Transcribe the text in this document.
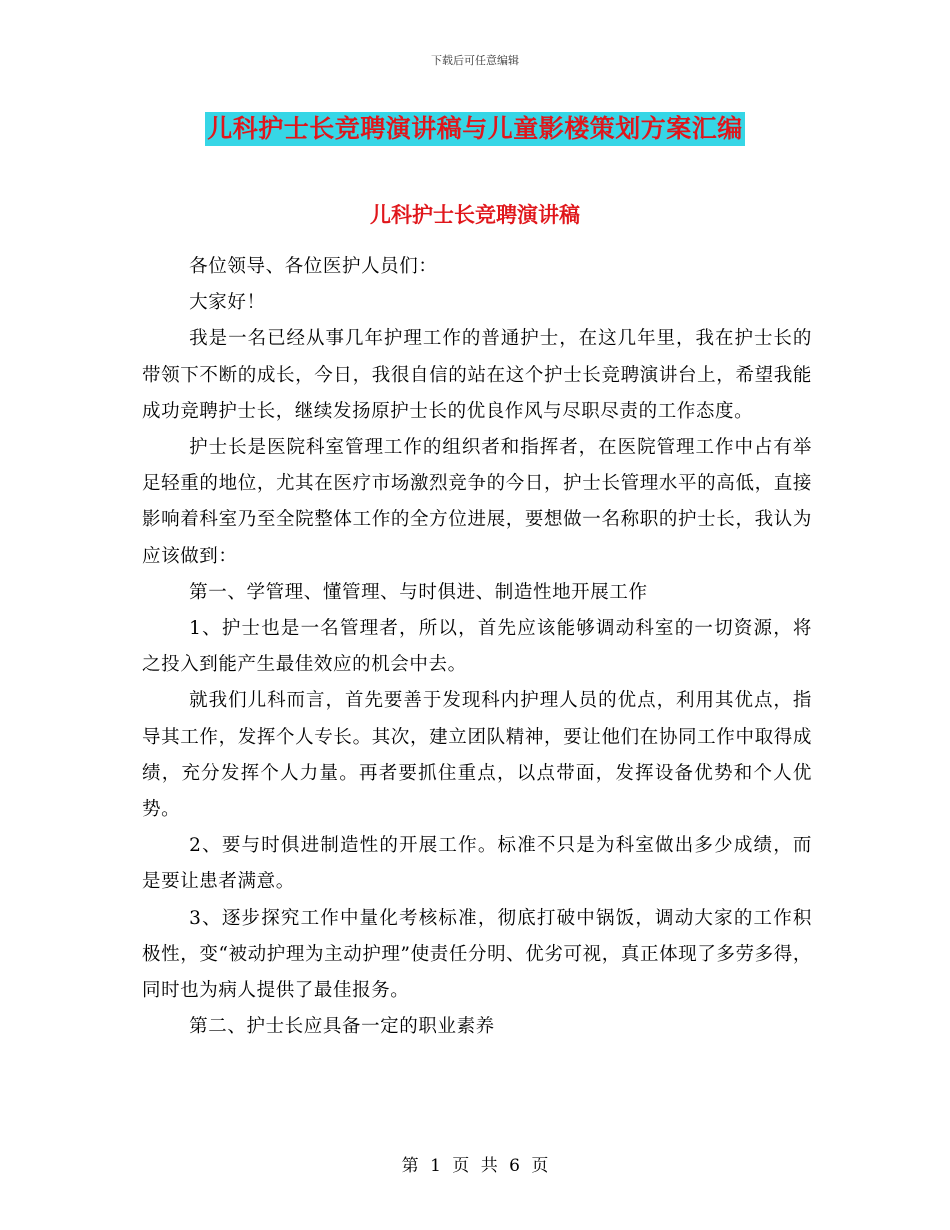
下载后可任意编辑
儿科护士长竞聘演讲稿与儿童影楼策划方案汇编
儿科护士长竞聘演讲稿

各位领导、各位医护人员们：

大家好！

我是一名已经从事几年护理工作的普通护士，在这几年里，我在护士长的带领下不断的成长，今日，我很自信的站在这个护士长竞聘演讲台上，希望我能成功竞聘护士长，继续发扬原护士长的优良作风与尽职尽责的工作态度。

护士长是医院科室管理工作的组织者和指挥者，在医院管理工作中占有举足轻重的地位，尤其在医疗市场激烈竞争的今日，护士长管理水平的高低，直接影响着科室乃至全院整体工作的全方位进展，要想做一名称职的护士长，我认为应该做到：

第一、学管理、懂管理、与时俱进、制造性地开展工作

1、护士也是一名管理者，所以，首先应该能够调动科室的一切资源，将之投入到能产生最佳效应的机会中去。

就我们儿科而言，首先要善于发现科内护理人员的优点，利用其优点，指导其工作，发挥个人专长。其次，建立团队精神，要让他们在协同工作中取得成绩，充分发挥个人力量。再者要抓住重点，以点带面，发挥设备优势和个人优势。

2、要与时俱进制造性的开展工作。标准不只是为科室做出多少成绩，而是要让患者满意。

3、逐步探究工作中量化考核标准，彻底打破中锅饭，调动大家的工作积极性，变“被动护理为主动护理”使责任分明、优劣可视，真正体现了多劳多得，同时也为病人提供了最佳报务。

第二、护士长应具备一定的职业素养

第 1 页 共 6 页
